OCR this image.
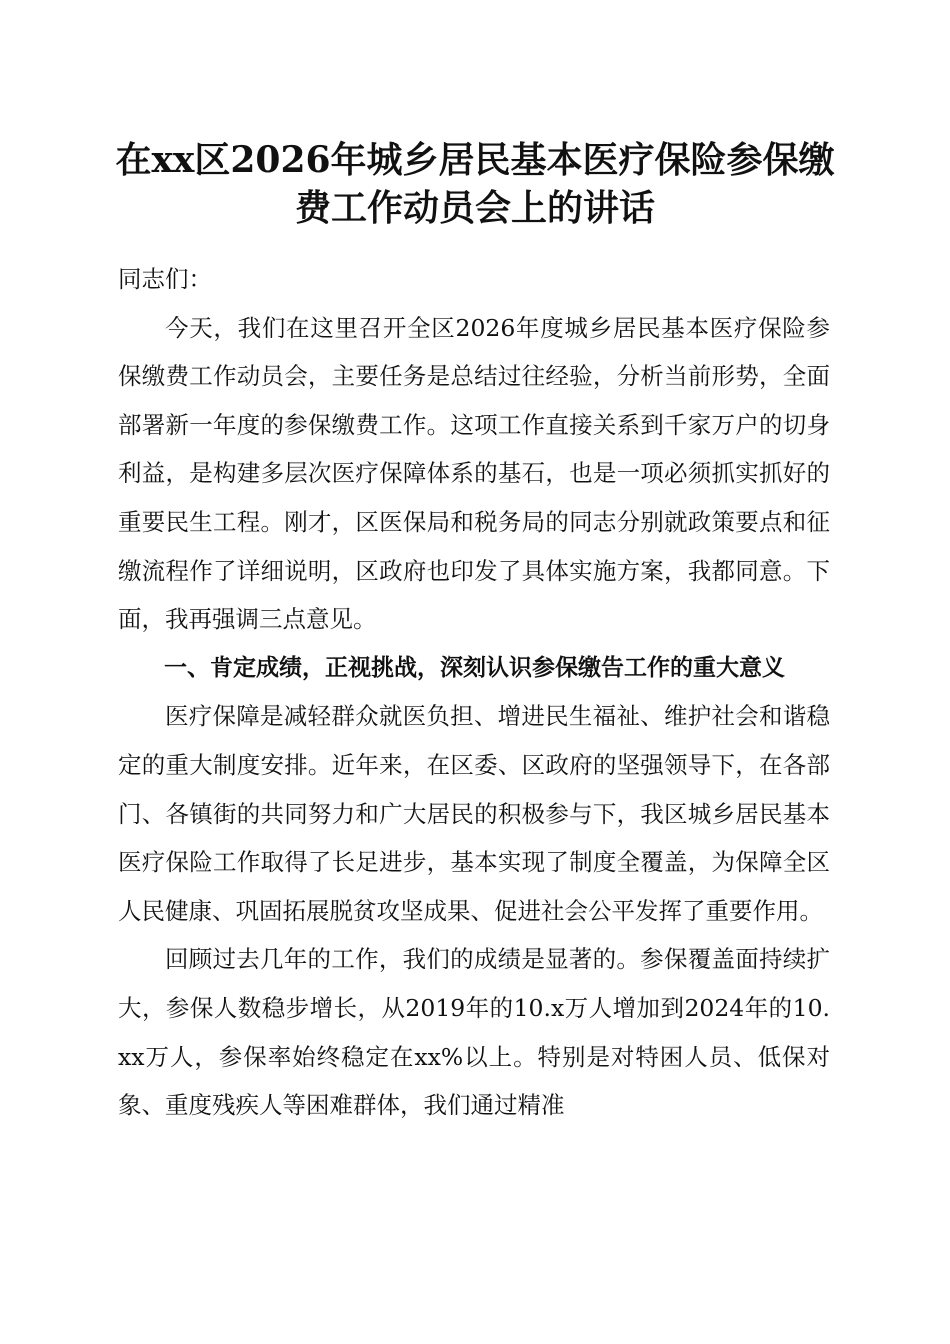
在xx区2026年城乡居民基本医疗保险参保缴
费工作动员会上的讲话

同志们：

今天，我们在这里召开全区2026年度城乡居民基本医疗保险参保缴费工作动员会，主要任务是总结过往经验，分析当前形势，全面部署新一年度的参保缴费工作。这项工作直接关系到千家万户的切身利益，是构建多层次医疗保障体系的基石，也是一项必须抓实抓好的重要民生工程。刚才，区医保局和税务局的同志分别就政策要点和征缴流程作了详细说明，区政府也印发了具体实施方案，我都同意。下面，我再强调三点意见。

一、肯定成绩，正视挑战，深刻认识参保缴告工作的重大意义

医疗保障是减轻群众就医负担、增进民生福祉、维护社会和谐稳定的重大制度安排。近年来，在区委、区政府的坚强领导下，在各部门、各镇街的共同努力和广大居民的积极参与下，我区城乡居民基本医疗保险工作取得了长足进步，基本实现了制度全覆盖，为保障全区人民健康、巩固拓展脱贫攻坚成果、促进社会公平发挥了重要作用。

回顾过去几年的工作，我们的成绩是显著的。参保覆盖面持续扩大，参保人数稳步增长，从2019年的10.x万人增加到2024年的10.xx万人，参保率始终稳定在xx%以上。特别是对特困人员、低保对象、重度残疾人等困难群体，我们通过精准
